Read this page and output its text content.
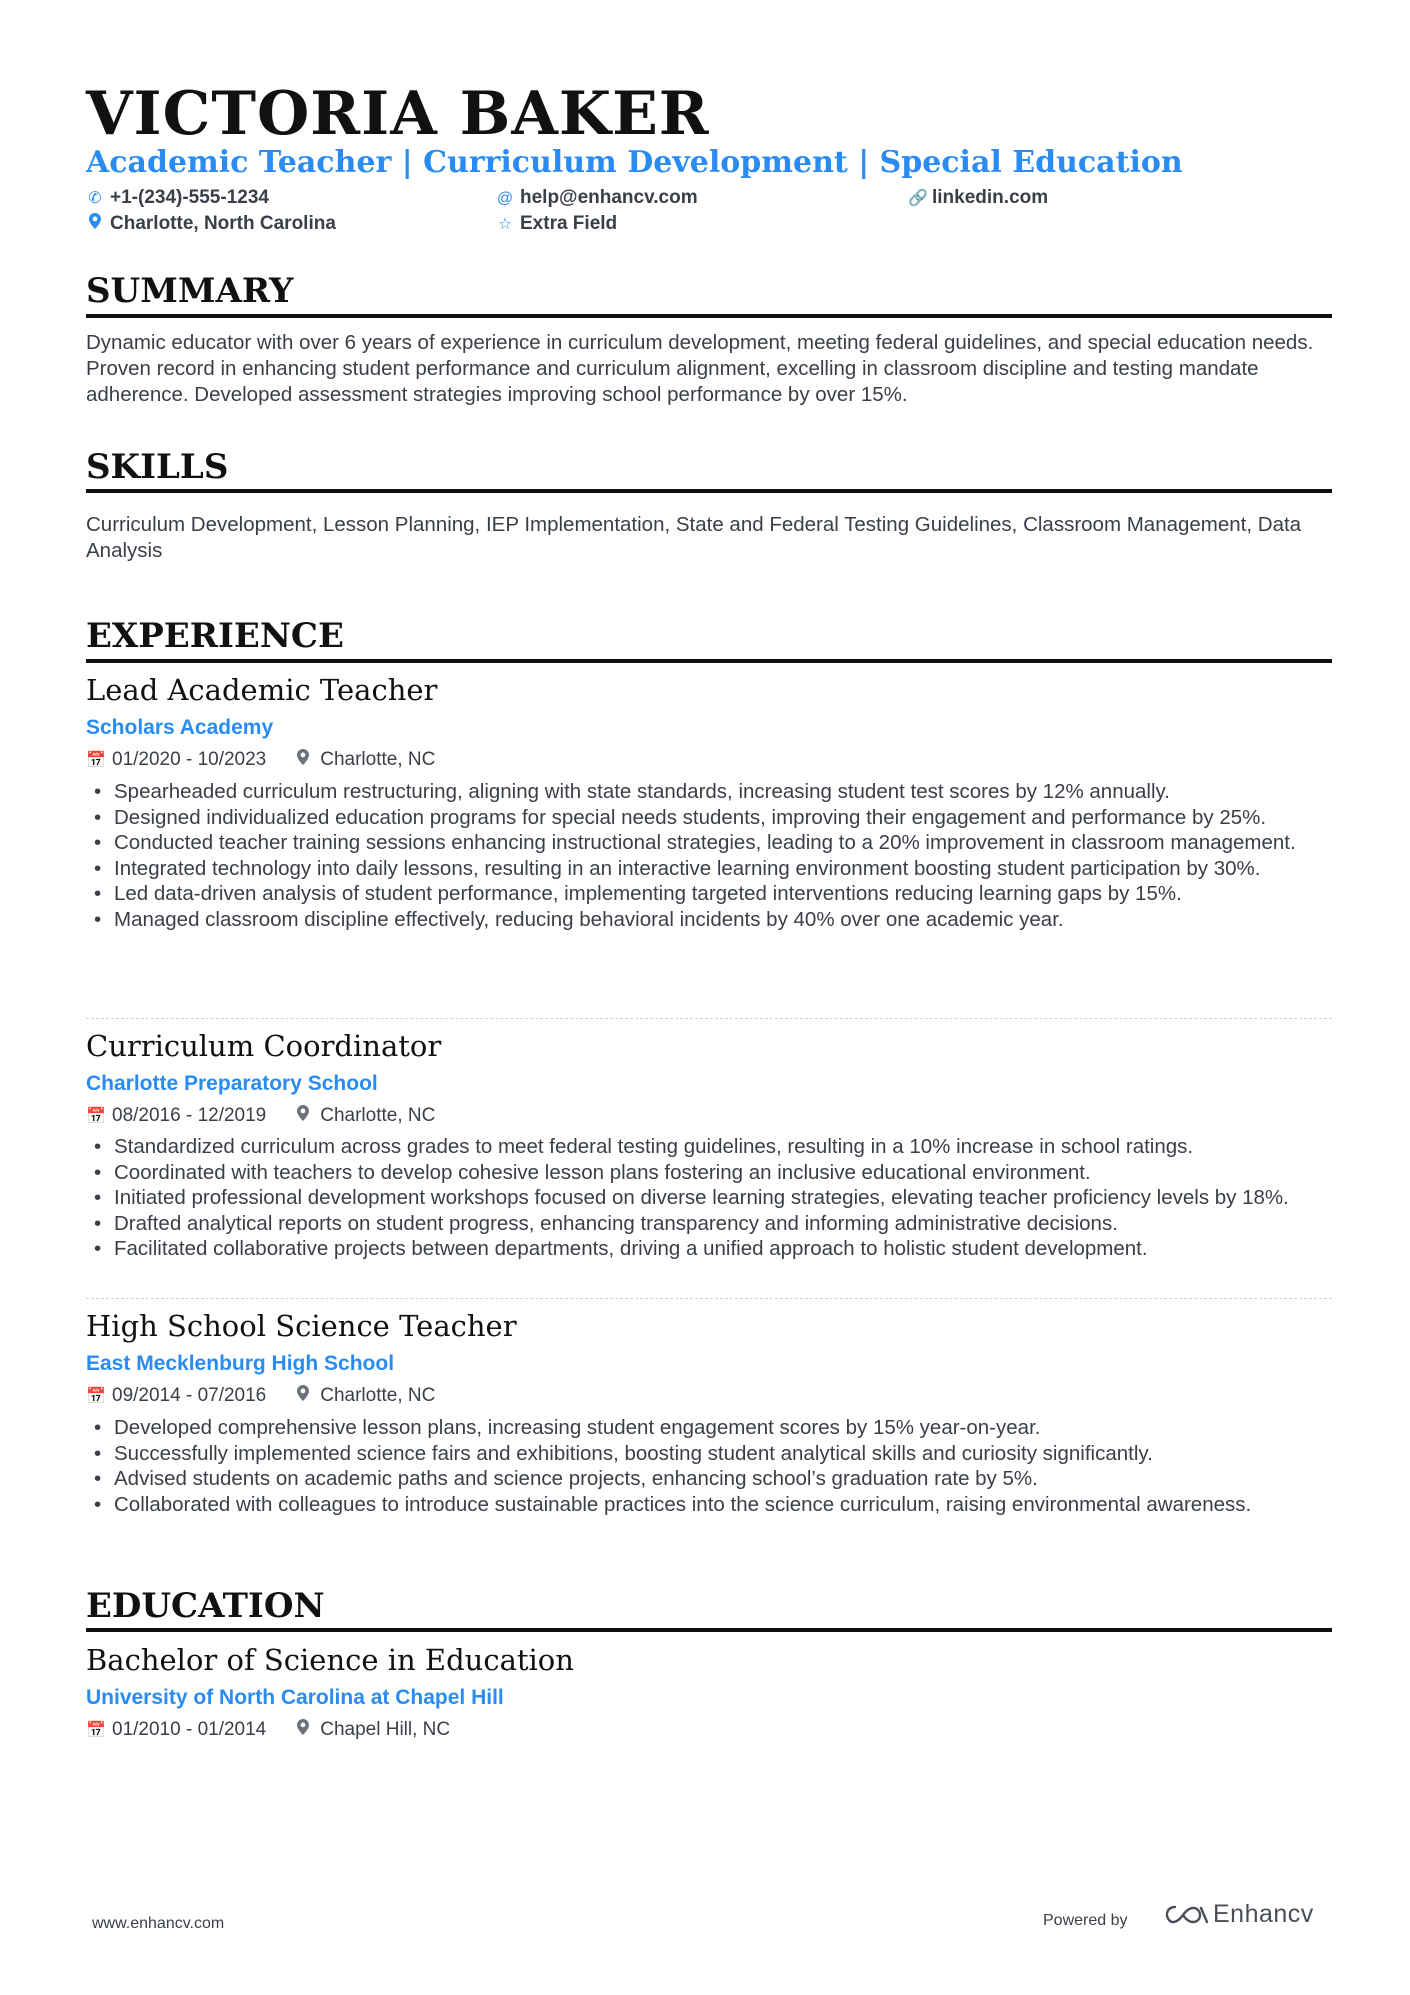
VICTORIA BAKER
Academic Teacher | Curriculum Development | Special Education
✆ +1-(234)-555-1234	@ help@enhancv.com	🔗 linkedin.com
Charlotte, North Carolina	☆ Extra Field
SUMMARY
Dynamic educator with over 6 years of experience in curriculum development, meeting federal guidelines, and special education needs. Proven record in enhancing student performance and curriculum alignment, excelling in classroom discipline and testing mandate adherence. Developed assessment strategies improving school performance by over 15%.
SKILLS
Curriculum Development, Lesson Planning, IEP Implementation, State and Federal Testing Guidelines, Classroom Management, Data Analysis
EXPERIENCE
Lead Academic Teacher
Scholars Academy
📅 01/2020 - 10/2023	Charlotte, NC
• Spearheaded curriculum restructuring, aligning with state standards, increasing student test scores by 12% annually.
• Designed individualized education programs for special needs students, improving their engagement and performance by 25%.
• Conducted teacher training sessions enhancing instructional strategies, leading to a 20% improvement in classroom management.
• Integrated technology into daily lessons, resulting in an interactive learning environment boosting student participation by 30%.
• Led data-driven analysis of student performance, implementing targeted interventions reducing learning gaps by 15%.
• Managed classroom discipline effectively, reducing behavioral incidents by 40% over one academic year.
Curriculum Coordinator
Charlotte Preparatory School
📅 08/2016 - 12/2019	Charlotte, NC
• Standardized curriculum across grades to meet federal testing guidelines, resulting in a 10% increase in school ratings.
• Coordinated with teachers to develop cohesive lesson plans fostering an inclusive educational environment.
• Initiated professional development workshops focused on diverse learning strategies, elevating teacher proficiency levels by 18%.
• Drafted analytical reports on student progress, enhancing transparency and informing administrative decisions.
• Facilitated collaborative projects between departments, driving a unified approach to holistic student development.
High School Science Teacher
East Mecklenburg High School
📅 09/2014 - 07/2016	Charlotte, NC
• Developed comprehensive lesson plans, increasing student engagement scores by 15% year-on-year.
• Successfully implemented science fairs and exhibitions, boosting student analytical skills and curiosity significantly.
• Advised students on academic paths and science projects, enhancing school’s graduation rate by 5%.
• Collaborated with colleagues to introduce sustainable practices into the science curriculum, raising environmental awareness.
EDUCATION
Bachelor of Science in Education
University of North Carolina at Chapel Hill
📅 01/2010 - 01/2014	Chapel Hill, NC
www.enhancv.com	Powered by	Enhancv
